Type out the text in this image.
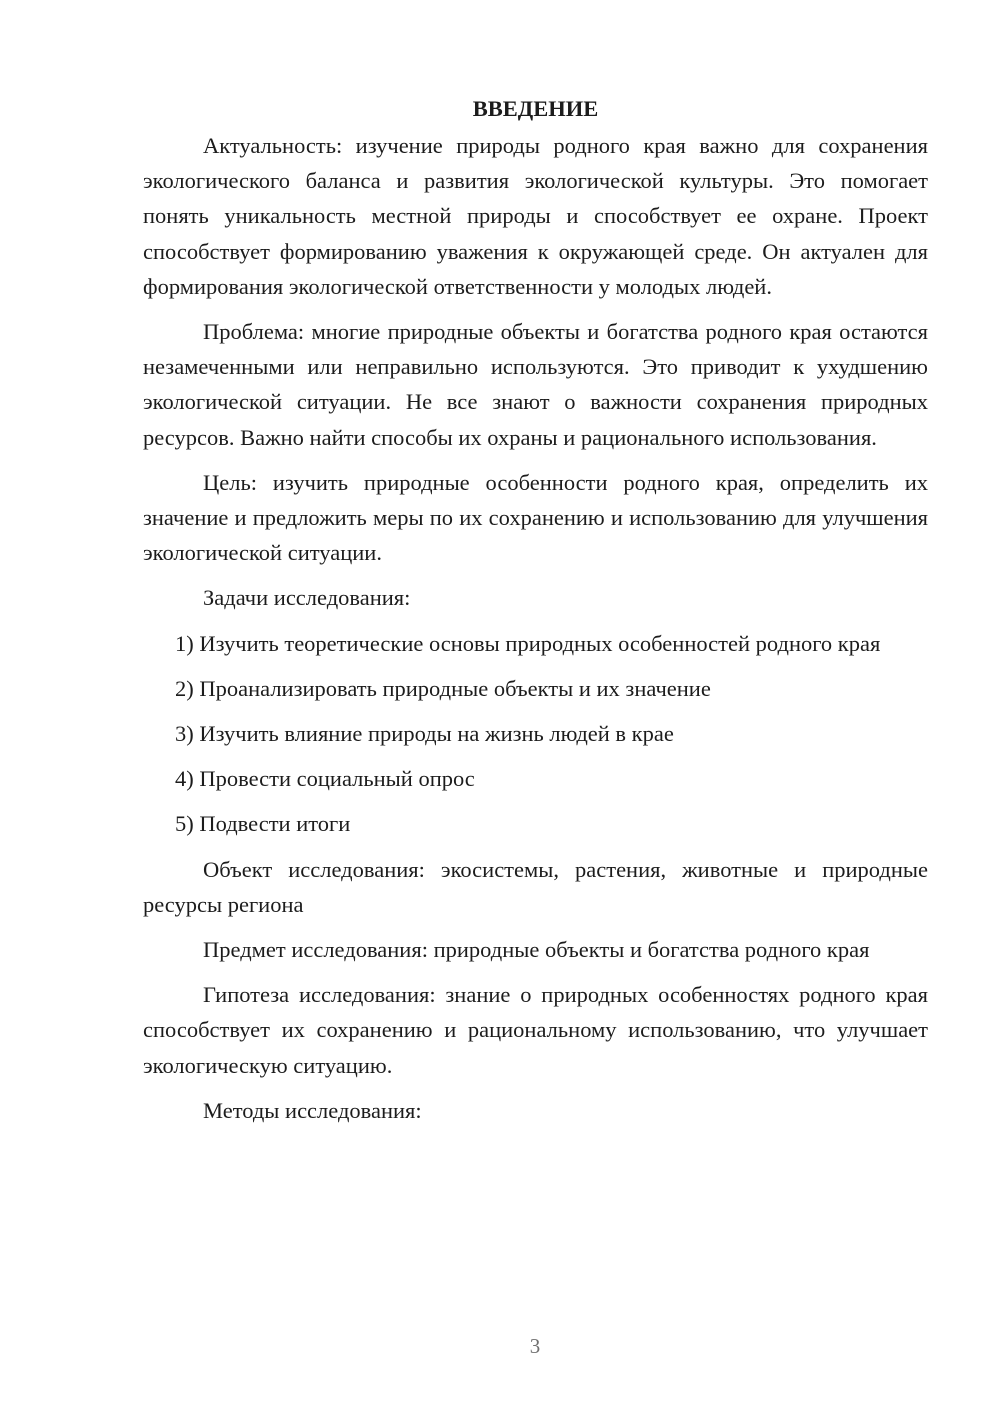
ВВЕДЕНИЕ

Актуальность: изучение природы родного края важно для сохранения экологического баланса и развития экологической культуры. Это помогает понять уникальность местной природы и способствует ее охране. Проект способствует формированию уважения к окружающей среде. Он актуален для формирования экологической ответственности у молодых людей.

Проблема: многие природные объекты и богатства родного края остаются незамеченными или неправильно используются. Это приводит к ухудшению экологической ситуации. Не все знают о важности сохранения природных ресурсов. Важно найти способы их охраны и рационального использования.

Цель: изучить природные особенности родного края, определить их значение и предложить меры по их сохранению и использованию для улучшения экологической ситуации.

Задачи исследования:

1) Изучить теоретические основы природных особенностей родного края

2) Проанализировать природные объекты и их значение

3) Изучить влияние природы на жизнь людей в крае

4) Провести социальный опрос

5) Подвести итоги

Объект исследования: экосистемы, растения, животные и природные ресурсы региона

Предмет исследования: природные объекты и богатства родного края

Гипотеза исследования: знание о природных особенностях родного края способствует их сохранению и рациональному использованию, что улучшает экологическую ситуацию.

Методы исследования:

3
